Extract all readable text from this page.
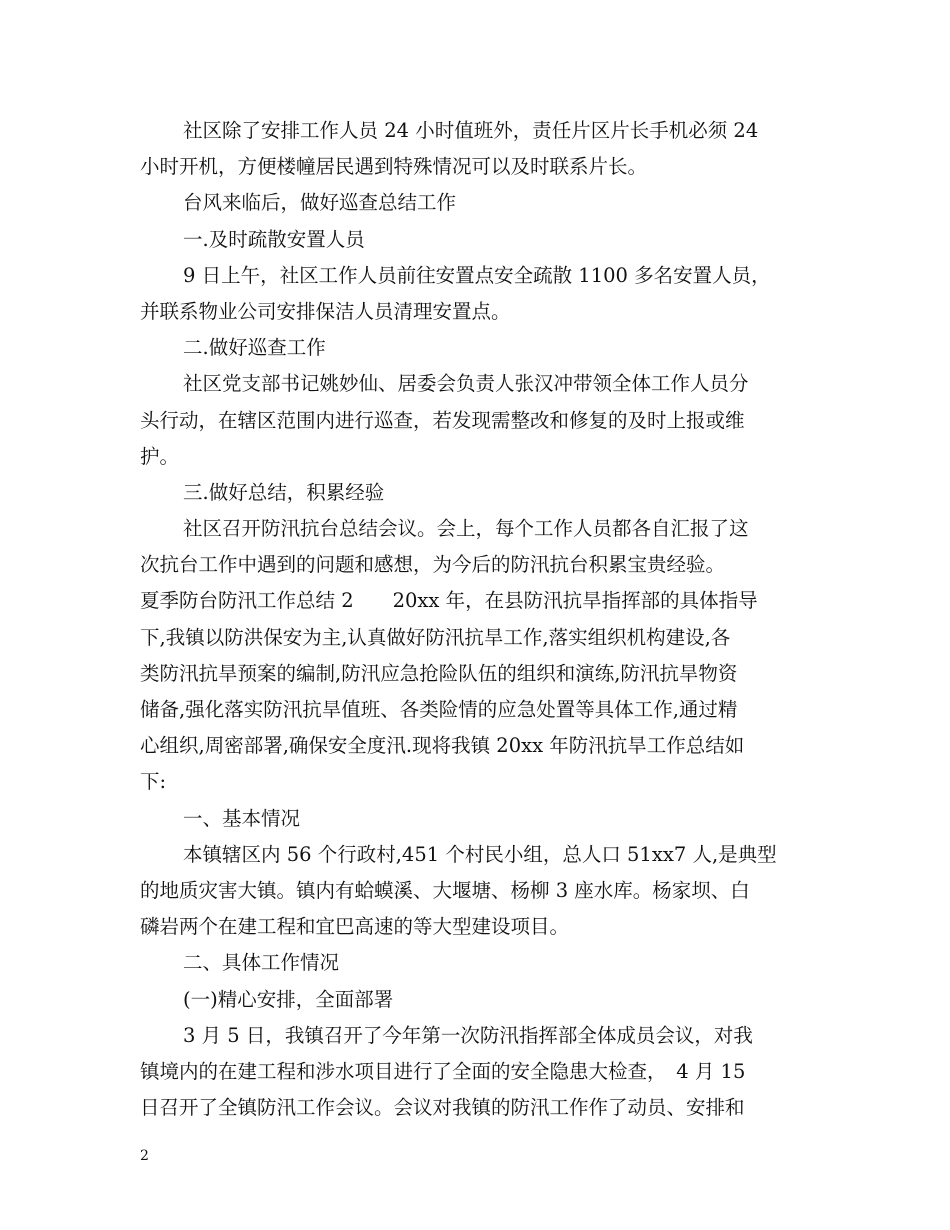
社区除了安排工作人员 24 小时值班外，责任片区片长手机必须 24
小时开机，方便楼幢居民遇到特殊情况可以及时联系片长。
台风来临后，做好巡查总结工作
一.及时疏散安置人员
9 日上午，社区工作人员前往安置点安全疏散 1100 多名安置人员，
并联系物业公司安排保洁人员清理安置点。
二.做好巡查工作
社区党支部书记姚妙仙、居委会负责人张汉冲带领全体工作人员分
头行动，在辖区范围内进行巡查，若发现需整改和修复的及时上报或维
护。
三.做好总结，积累经验
社区召开防汛抗台总结会议。会上，每个工作人员都各自汇报了这
次抗台工作中遇到的问题和感想，为今后的防汛抗台积累宝贵经验。
夏季防台防汛工作总结 2　　20xx 年，在县防汛抗旱指挥部的具体指导
下,我镇以防洪保安为主,认真做好防汛抗旱工作,落实组织机构建设,各
类防汛抗旱预案的编制,防汛应急抢险队伍的组织和演练,防汛抗旱物资
储备,强化落实防汛抗旱值班、各类险情的应急处置等具体工作,通过精
心组织,周密部署,确保安全度汛.现将我镇 20xx 年防汛抗旱工作总结如
下:
一、基本情况
本镇辖区内 56 个行政村,451 个村民小组，总人口 51xx7 人,是典型
的地质灾害大镇。镇内有蛤蟆溪、大堰塘、杨柳 3 座水库。杨家坝、白
磷岩两个在建工程和宜巴高速的等大型建设项目。
二、具体工作情况
(一)精心安排，全面部署
3 月 5 日，我镇召开了今年第一次防汛指挥部全体成员会议，对我
镇境内的在建工程和涉水项目进行了全面的安全隐患大检查，　4 月 15
日召开了全镇防汛工作会议。会议对我镇的防汛工作作了动员、安排和
2
